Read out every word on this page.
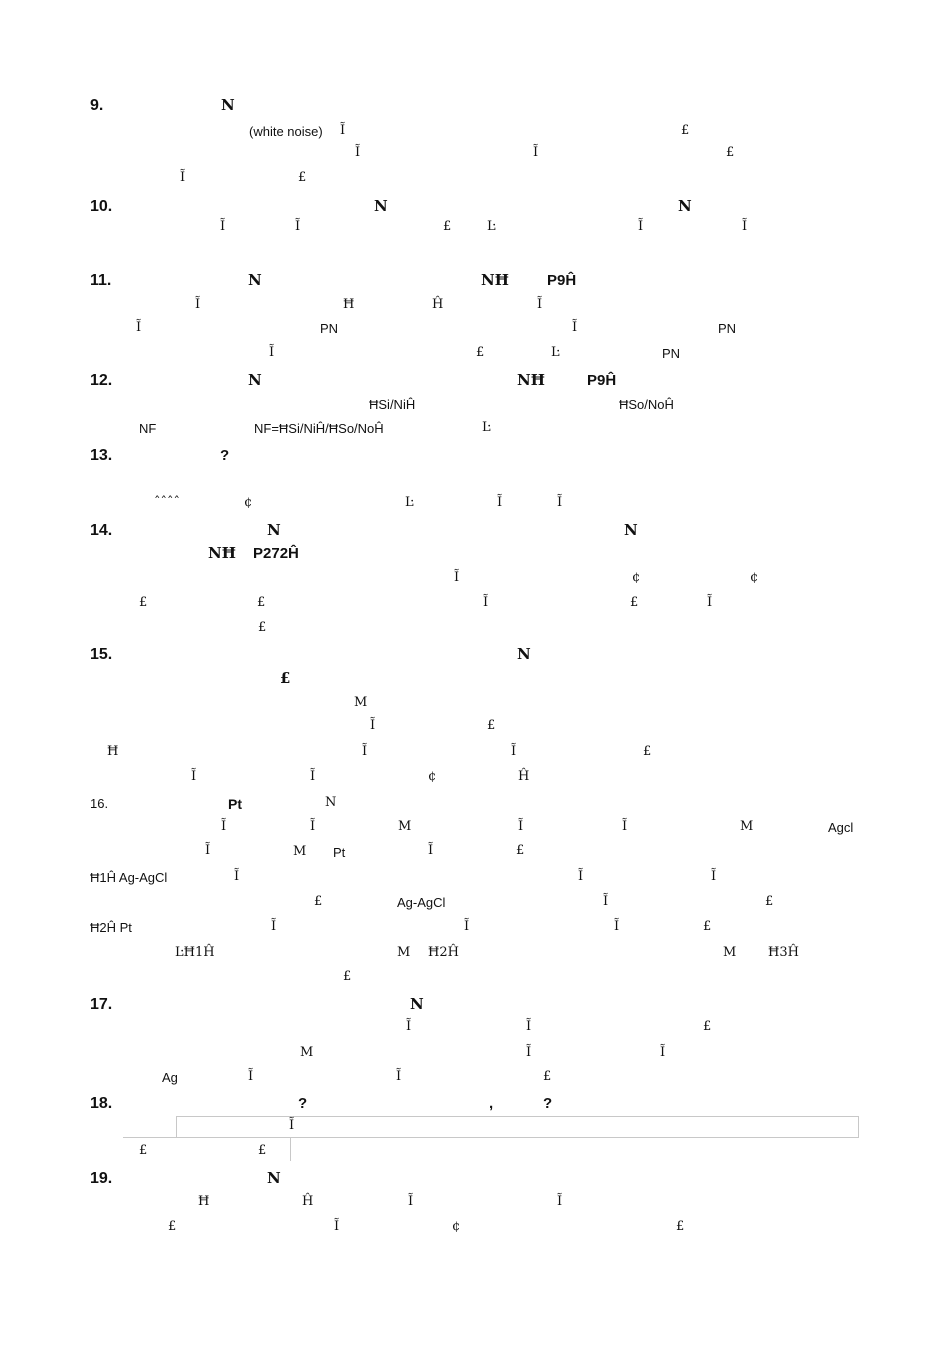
9.	N
(white noise) Ĩ	£
Ĩ	Ĩ	£
Ĩ	£
10.	N	N
Ĩ	Ĩ	£	Ŀ	Ĩ	Ĩ
11.	N	NĦ	P9Ĥ
Ĩ	Ħ	Ĥ	Ĩ
Ĩ	PN	Ĩ	PN
Ĩ	£	Ŀ	PN
12.	N	NĦ	P9Ĥ
ĦSi/NiĤ	ĦSo/NoĤ
NF	NF=ĦSi/NiĤ/ĦSo/NoĤ	Ŀ
13.	?
ˆˆˆˆ	¢	Ŀ	Ĩ	Ĩ
14.	N	N
NĦ P272Ĥ
Ĩ	¢	¢
£	£	Ĩ	£	Ĩ
£
15.	N
£
M
Ĩ	£
Ħ	Ĩ	Ĩ	£
Ĩ	Ĩ	¢	Ĥ
16.	Pt	N
Ĩ	Ĩ	M	Ĩ	Ĩ	M	Agcl
Ĩ	M Pt	Ĩ	£
Ħ1Ĥ Ag-AgCl	Ĩ	Ĩ	Ĩ
£	Ag-AgCl	Ĩ	£
Ħ2Ĥ Pt	Ĩ	Ĩ	Ĩ	£
ĿĦ1Ĥ	M Ħ2Ĥ	M Ħ3Ĥ
£
17.	N
Ĩ	Ĩ	£
M	Ĩ	Ĩ
Ag	Ĩ	Ĩ	£
18.	?	,	?
Ĩ
£	£
19.	N
Ħ	Ĥ	Ĩ	Ĩ
£	Ĩ	¢	£
